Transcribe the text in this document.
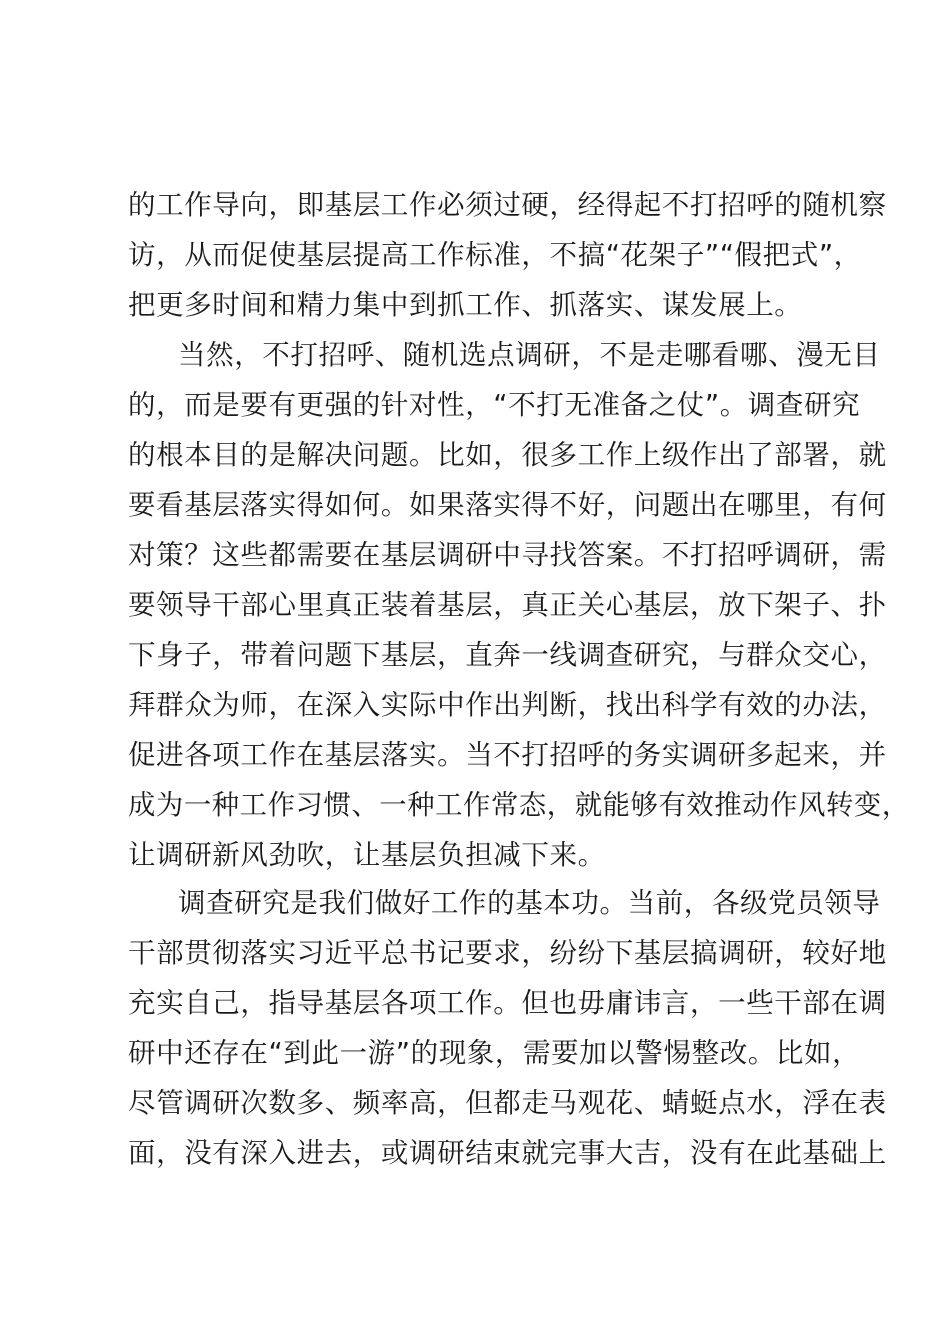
的工作导向，即基层工作必须过硬，经得起不打招呼的随机察
访，从而促使基层提高工作标准，不搞“花架子”“假把式”，
把更多时间和精力集中到抓工作、抓落实、谋发展上。
当然，不打招呼、随机选点调研，不是走哪看哪、漫无目
的，而是要有更强的针对性，“不打无准备之仗”。调查研究
的根本目的是解决问题。比如，很多工作上级作出了部署，就
要看基层落实得如何。如果落实得不好，问题出在哪里，有何
对策？这些都需要在基层调研中寻找答案。不打招呼调研，需
要领导干部心里真正装着基层，真正关心基层，放下架子、扑
下身子，带着问题下基层，直奔一线调查研究，与群众交心，
拜群众为师，在深入实际中作出判断，找出科学有效的办法，
促进各项工作在基层落实。当不打招呼的务实调研多起来，并
成为一种工作习惯、一种工作常态，就能够有效推动作风转变，
让调研新风劲吹，让基层负担减下来。
调查研究是我们做好工作的基本功。当前，各级党员领导
干部贯彻落实习近平总书记要求，纷纷下基层搞调研，较好地
充实自己，指导基层各项工作。但也毋庸讳言，一些干部在调
研中还存在“到此一游”的现象，需要加以警惕整改。比如，
尽管调研次数多、频率高，但都走马观花、蜻蜓点水，浮在表
面，没有深入进去，或调研结束就完事大吉，没有在此基础上
